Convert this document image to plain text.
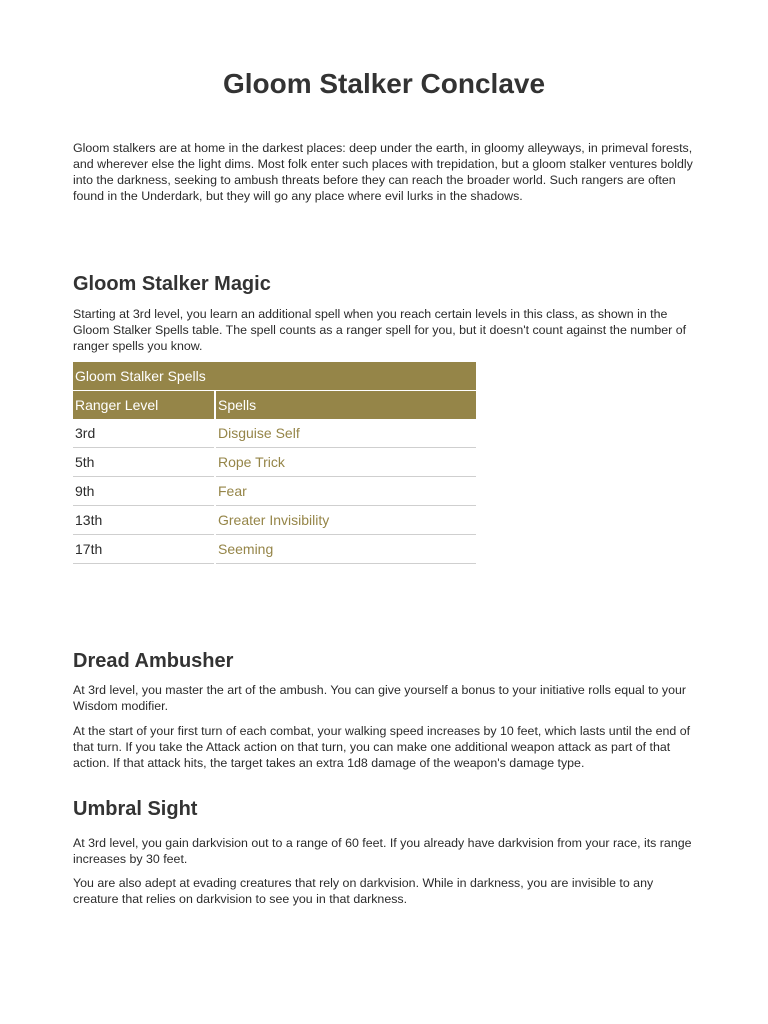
Gloom Stalker Conclave

Gloom stalkers are at home in the darkest places: deep under the earth, in gloomy alleyways, in primeval forests, and wherever else the light dims. Most folk enter such places with trepidation, but a gloom stalker ventures boldly into the darkness, seeking to ambush threats before they can reach the broader world. Such rangers are often found in the Underdark, but they will go any place where evil lurks in the shadows.

Gloom Stalker Magic

Starting at 3rd level, you learn an additional spell when you reach certain levels in this class, as shown in the Gloom Stalker Spells table. The spell counts as a ranger spell for you, but it doesn't count against the number of ranger spells you know.

Gloom Stalker Spells	
Ranger Level	Spells
3rd	Disguise Self
5th	Rope Trick
9th	Fear
13th	Greater Invisibility
17th	Seeming
Dread Ambusher

At 3rd level, you master the art of the ambush. You can give yourself a bonus to your initiative rolls equal to your Wisdom modifier.

At the start of your first turn of each combat, your walking speed increases by 10 feet, which lasts until the end of that turn. If you take the Attack action on that turn, you can make one additional weapon attack as part of that action. If that attack hits, the target takes an extra 1d8 damage of the weapon's damage type.

Umbral Sight

At 3rd level, you gain darkvision out to a range of 60 feet. If you already have darkvision from your race, its range increases by 30 feet.

You are also adept at evading creatures that rely on darkvision. While in darkness, you are invisible to any creature that relies on darkvision to see you in that darkness.
